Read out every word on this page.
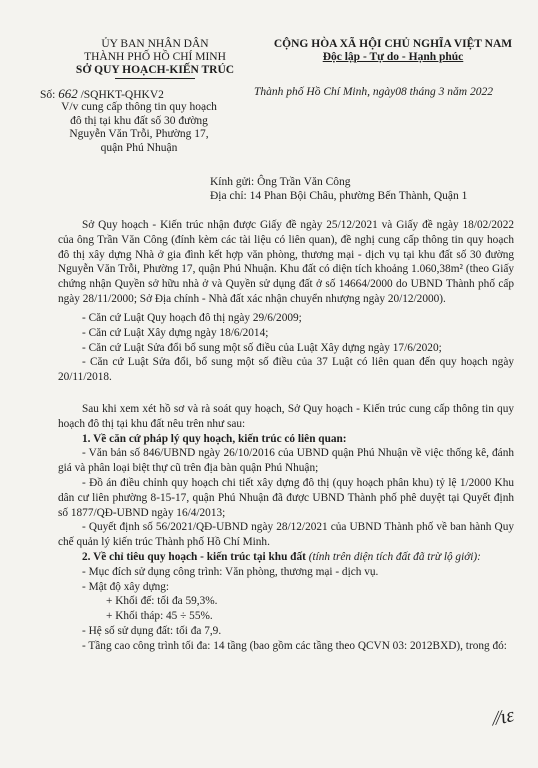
ỦY BAN NHÂN DÂN
THÀNH PHỐ HỒ CHÍ MINH
SỞ QUY HOẠCH-KIẾN TRÚC
CỘNG HÒA XÃ HỘI CHỦ NGHĨA VIỆT NAM
Độc lập - Tự do - Hạnh phúc
Số: 662 /SQHKT-QHKV2	Thành phố Hồ Chí Minh, ngày08 tháng 3 năm 2022
V/v cung cấp thông tin quy hoạch
đô thị tại khu đất số 30 đường
Nguyễn Văn Trỗi, Phường 17,
quận Phú Nhuận
Kính gửi: Ông Trần Văn Công
Địa chỉ: 14 Phan Bội Châu, phường Bến Thành, Quận 1

Sở Quy hoạch - Kiến trúc nhận được Giấy đề ngày 25/12/2021 và Giấy đề ngày 18/02/2022 của ông Trần Văn Công (đính kèm các tài liệu có liên quan), đề nghị cung cấp thông tin quy hoạch đô thị xây dựng Nhà ở gia đình kết hợp văn phòng, thương mại - dịch vụ tại khu đất số 30 đường Nguyễn Văn Trỗi, Phường 17, quận Phú Nhuận. Khu đất có diện tích khoảng 1.060,38m² (theo Giấy chứng nhận Quyền sở hữu nhà ở và Quyền sử dụng đất ở số 14664/2000 do UBND Thành phố cấp ngày 28/11/2000; Sở Địa chính - Nhà đất xác nhận chuyển nhượng ngày 20/12/2000).

- Căn cứ Luật Quy hoạch đô thị ngày 29/6/2009;

- Căn cứ Luật Xây dựng ngày 18/6/2014;

- Căn cứ Luật Sửa đổi bổ sung một số điều của Luật Xây dựng ngày 17/6/2020;

- Căn cứ Luật Sửa đổi, bổ sung một số điều của 37 Luật có liên quan đến quy hoạch ngày 20/11/2018.

Sau khi xem xét hồ sơ và rà soát quy hoạch, Sở Quy hoạch - Kiến trúc cung cấp thông tin quy hoạch đô thị tại khu đất nêu trên như sau:

1. Về căn cứ pháp lý quy hoạch, kiến trúc có liên quan:

- Văn bản số 846/UBND ngày 26/10/2016 của UBND quận Phú Nhuận về việc thống kê, đánh giá và phân loại biệt thự cũ trên địa bàn quận Phú Nhuận;

- Đồ án điều chỉnh quy hoạch chi tiết xây dựng đô thị (quy hoạch phân khu) tỷ lệ 1/2000 Khu dân cư liên phường 8-15-17, quận Phú Nhuận đã được UBND Thành phố phê duyệt tại Quyết định số 1877/QĐ-UBND ngày 16/4/2013;

- Quyết định số 56/2021/QĐ-UBND ngày 28/12/2021 của UBND Thành phố về ban hành Quy chế quản lý kiến trúc Thành phố Hồ Chí Minh.

2. Về chỉ tiêu quy hoạch - kiến trúc tại khu đất (tính trên diện tích đất đã trừ lộ giới):

- Mục đích sử dụng công trình: Văn phòng, thương mại - dịch vụ.

- Mật độ xây dựng:

+ Khối đế: tối đa 59,3%.

+ Khối tháp: 45 ÷ 55%.

- Hệ số sử dụng đất: tối đa 7,9.

- Tầng cao công trình tối đa: 14 tầng (bao gồm các tầng theo QCVN 03: 2012BXD), trong đó:

⁄⁄ɩɛ
